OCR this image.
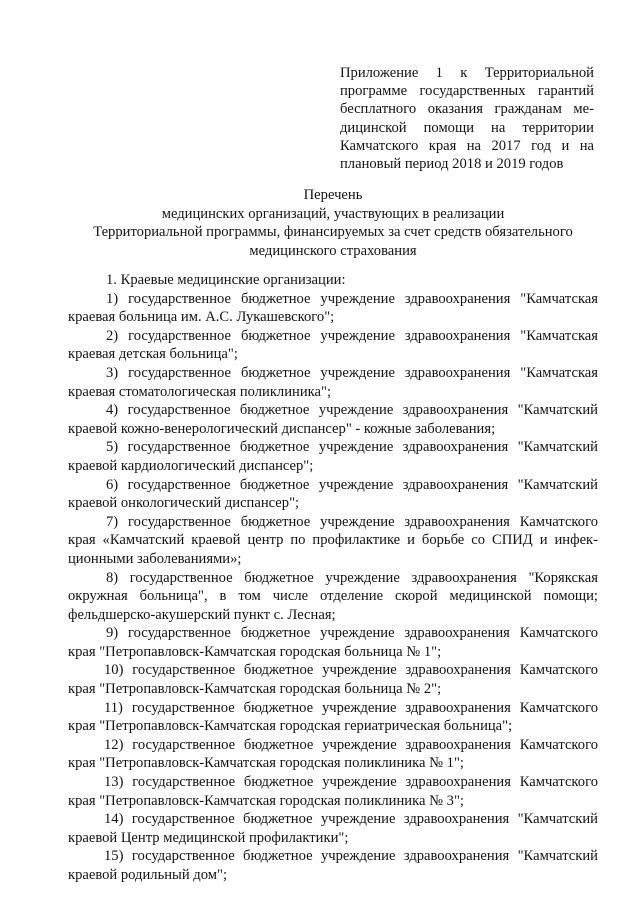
Приложение 1 к Территориальной
программе государственных гарантий
бесплатного оказания гражданам ме-
дицинской помощи на территории
Камчатского края на 2017 год и на
плановый период 2018 и 2019 годов
Перечень
медицинских организаций, участвующих в реализации
Территориальной программы, финансируемых за счет средств обязательного
медицинского страхования
1. Краевые медицинские организации:
1) государственное бюджетное учреждение здравоохранения "Камчатская
краевая больница им. А.С. Лукашевского";
2) государственное бюджетное учреждение здравоохранения "Камчатская
краевая детская больница";
3) государственное бюджетное учреждение здравоохранения "Камчатская
краевая стоматологическая поликлиника";
4) государственное бюджетное учреждение здравоохранения "Камчатский
краевой кожно-венерологический диспансер" - кожные заболевания;
5) государственное бюджетное учреждение здравоохранения "Камчатский
краевой кардиологический диспансер";
6) государственное бюджетное учреждение здравоохранения "Камчатский
краевой онкологический диспансер";
7) государственное бюджетное учреждение здравоохранения Камчатского
края «Камчатский краевой центр по профилактике и борьбе со СПИД и инфек-
ционными заболеваниями»;
8) государственное бюджетное учреждение здравоохранения "Корякская
окружная больница", в том числе отделение скорой медицинской помощи;
фельдшерско-акушерский пункт с. Лесная;
9) государственное бюджетное учреждение здравоохранения Камчатского
края "Петропавловск-Камчатская городская больница № 1";
10) государственное бюджетное учреждение здравоохранения Камчатского
края "Петропавловск-Камчатская городская больница № 2";
11) государственное бюджетное учреждение здравоохранения Камчатского
края "Петропавловск-Камчатская городская гериатрическая больница";
12) государственное бюджетное учреждение здравоохранения Камчатского
края "Петропавловск-Камчатская городская поликлиника № 1";
13) государственное бюджетное учреждение здравоохранения Камчатского
края "Петропавловск-Камчатская городская поликлиника № 3";
14) государственное бюджетное учреждение здравоохранения "Камчатский
краевой Центр медицинской профилактики";
15) государственное бюджетное учреждение здравоохранения "Камчатский
краевой родильный дом";
